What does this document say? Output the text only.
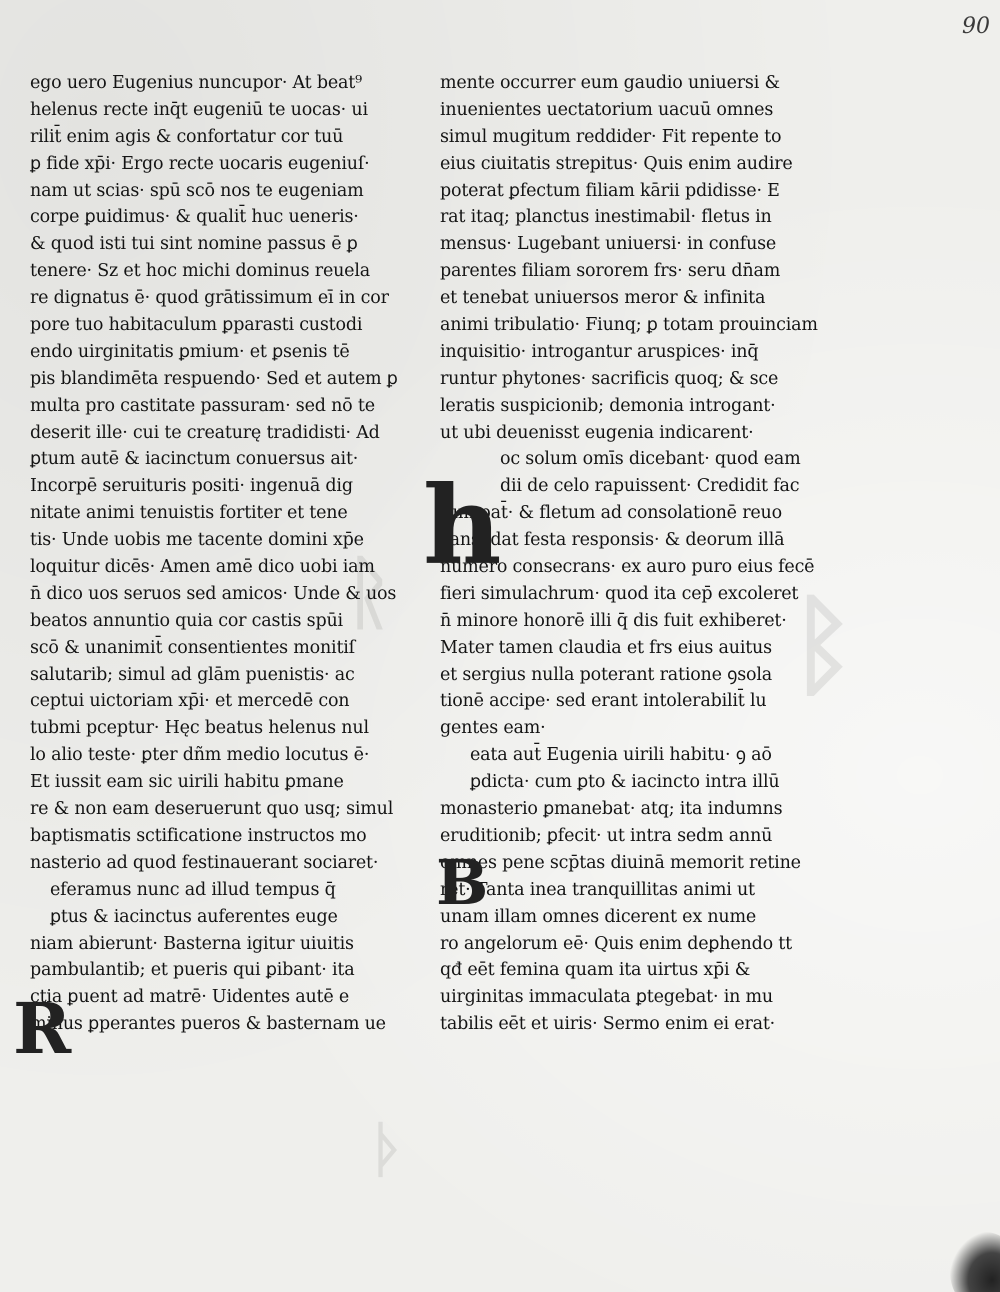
90
ᚱ	ᛒ
ᚦ
ego uero Eugenius nuncupor· At beat⁹
helenus recte inq̄t eugeniū te uocas· ui
rilit̄ enim agis & confortatur cor tuū
ꝑ fide xp̄i· Ergo recte uocaris eugeniuſ·
nam ut scias· spū scō nos te eugeniam
corpe ꝑuidimus· & qualit̄ huc ueneris·
& quod isti tui sint nomine passus ē ꝑ
tenere· Sz et hoc michi dominus reuela
re dignatus ē· quod grātissimum eī in cor
pore tuo habitaculum ꝑparasti custodi
endo uirginitatis ꝑmium· et ꝑsenis tē
pis blandimēta respuendo· Sed et autem ꝑ
multa pro castitate passuram· sed nō te
deserit ille· cui te creaturę tradidisti· Ad
ꝑtum autē & iacinctum conuersus ait·
Incorpē seruituris positi· ingenuā dig
nitate animi tenuistis fortiter et tene
tis· Unde uobis me tacente domini xp̄e
loquitur dicēs· Amen amē dico uobi iam
n̄ dico uos seruos sed amicos· Unde & uos
beatos annuntio quia cor castis spūi
scō & unanimit̄ consentientes monitiſ
salutarib; simul ad glām puenistis· ac
ceptui uictoriam xp̄i· et mercedē con
tubmi pceptur· Hęc beatus helenus nul
lo alio teste· ꝑter dñm medio locutus ē·
Et iussit eam sic uirili habitu ꝑmane
re & non eam deseruerunt quo usq; simul
baptismatis sctificatione instructos mo
nasterio ad quod festinauerant sociaret·
eferamus nunc ad illud tempus q̄
ꝑtus & iacinctus auferentes euge
niam abierunt· Basterna igitur uiuitis
pambulantib; et pueris qui ꝑibant· ita
ctia ꝑuent ad matrē· Uidentes autē e
minus ꝑperantes pueros & basternam ue
mente occurrer eum gaudio uniuersi &
inuenientes uectatorium uacuū omnes
simul mugitum reddider· Fit repente to
eius ciuitatis strepitus· Quis enim audire
poterat ꝑfectum filiam kārii pdidisse· E
rat itaq; planctus inestimabil· fletus in
mensus· Lugebant uniuersi· in confuse
parentes filiam sororem frs· seru dn̄am
et tenebat uniuersos meror & infinita
animi tribulatio· Fiunq; ꝑ totam prouinciam
inquisitio· introgantur aruspices· inq̄
runtur phytones· sacrificis quoq; & sce
leratis suspicionib; demonia introgant·
ut ubi deuenisst eugenia indicarent·
oc solum omīs dicebant· quod eam
dii de celo rapuissent· Credidit fac
tum pat̄· & fletum ad consolationē reuo
cans· dat festa responsis· & deorum illā
numero consecrans· ex auro puro eius fecē
fieri simulachrum· quod ita cep̄ excoleret
n̄ minore honorē illi q̄ dis fuit exhiberet·
Mater tamen claudia et frs eius auitus
et sergius nulla poterant ratione ꝯsola
tionē accipe· sed erant intolerabilit̄ lu
gentes eam·
eata aut̄ Eugenia uirili habitu· ꝯ aō
ꝑdicta· cum ꝑto & iacincto intra illū
monasterio ꝑmanebat· atq; ita indumns
eruditionib; ꝑfecit· ut intra sedm annū
omnes pene scp̄tas diuinā memorit retine
ret· Tanta inea tranquillitas animi ut
unam illam omnes dicerent ex nume
ro angelorum eē· Quis enim deꝑhendo tt
qđ eēt femina quam ita uirtus xp̄i &
uirginitas immaculata ꝑtegebat· in mu
tabilis eēt et uiris· Sermo enim ei erat·
h
B
R
